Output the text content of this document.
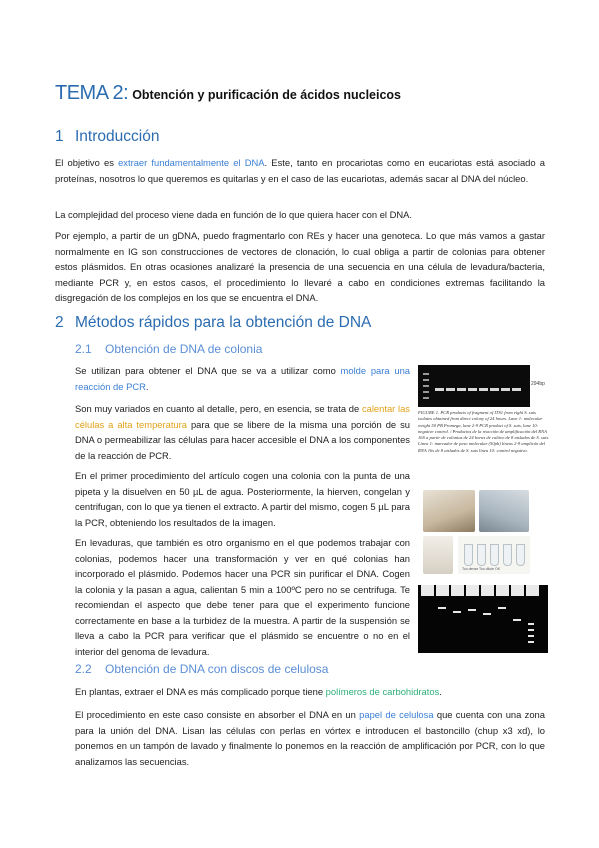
TEMA 2: Obtención y purificación de ácidos nucleicos
1 Introducción
El objetivo es extraer fundamentalmente el DNA. Este, tanto en procariotas como en eucariotas está asociado a proteínas, nosotros lo que queremos es quitarlas y en el caso de las eucariotas, además sacar al DNA del núcleo.
La complejidad del proceso viene dada en función de lo que quiera hacer con el DNA.
Por ejemplo, a partir de un gDNA, puedo fragmentarlo con REs y hacer una genoteca. Lo que más vamos a gastar normalmente en IG son construcciones de vectores de clonación, lo cual obliga a partir de colonias para obtener estos plásmidos. En otras ocasiones analizaré la presencia de una secuencia en una célula de levadura/bacteria, mediante PCR y, en estos casos, el procedimiento lo llevaré a cabo en condiciones extremas facilitando la disgregación de los complejos en los que se encuentra el DNA.
2 Métodos rápidos para la obtención de DNA
2.1 Obtención de DNA de colonia
Se utilizan para obtener el DNA que se va a utilizar como molde para una reacción de PCR.
Son muy variados en cuanto al detalle, pero, en esencia, se trata de calentar las células a alta temperatura para que se libere de la misma una porción de su DNA o permeabilizar las células para hacer accesible el DNA a los componentes de la reacción de PCR.
En el primer procedimiento del artículo cogen una colonia con la punta de una pipeta y la disuelven en 50 µL de agua. Posteriormente, la hierven, congelan y centrifugan, con lo que ya tienen el extracto. A partir del mismo, cogen 5 µL para la PCR, obteniendo los resultados de la imagen.
En levaduras, que también es otro organismo en el que podemos trabajar con colonias, podemos hacer una transformación y ver en qué colonias han incorporado el plásmido. Podemos hacer una PCR sin purificar el DNA. Cogen la colonia y la pasan a agua, calientan 5 min a 100ºC pero no se centrifuga. Te recomiendan el aspecto que debe tener para que el experimento funcione correctamente en base a la turbidez de la muestra. A partir de la suspensión se lleva a cabo la PCR para verificar que el plásmido se encuentre o no en el interior del genoma de levadura.
2.2 Obtención de DNA con discos de celulosa
En plantas, extraer el DNA es más complicado porque tiene polímeros de carbohidratos.
El procedimiento en este caso consiste en absorber el DNA en un papel de celulosa que cuenta con una zona para la unión del DNA. Lisan las células con perlas en vórtex e introducen el bastoncillo (chup x3 xd), lo ponemos en un tampón de lavado y finalmente lo ponemos en la reacción de amplificación por PCR, con lo que analizamos las secuencias.
294bp
FIGURE 1. PCR products of fragment of ITS1 from eight S. suis isolates obtained from direct colony of 24 hours. Lane 1: molecular weight 50 PB Promega, lane 2-9 PCR product of S. suis, lane 10: negative control. / Productos de la reacción de amplificación del RNA 16S a partir de colonias de 24 horas de cultivo de 8 aislados de S. suis. Línea 1: marcador de peso molecular (50pb) líneas 2-9 amplicón del RNA 16s de 8 aislados de S. suis línea 10: control negativo.
Too dense Too dilute OK
